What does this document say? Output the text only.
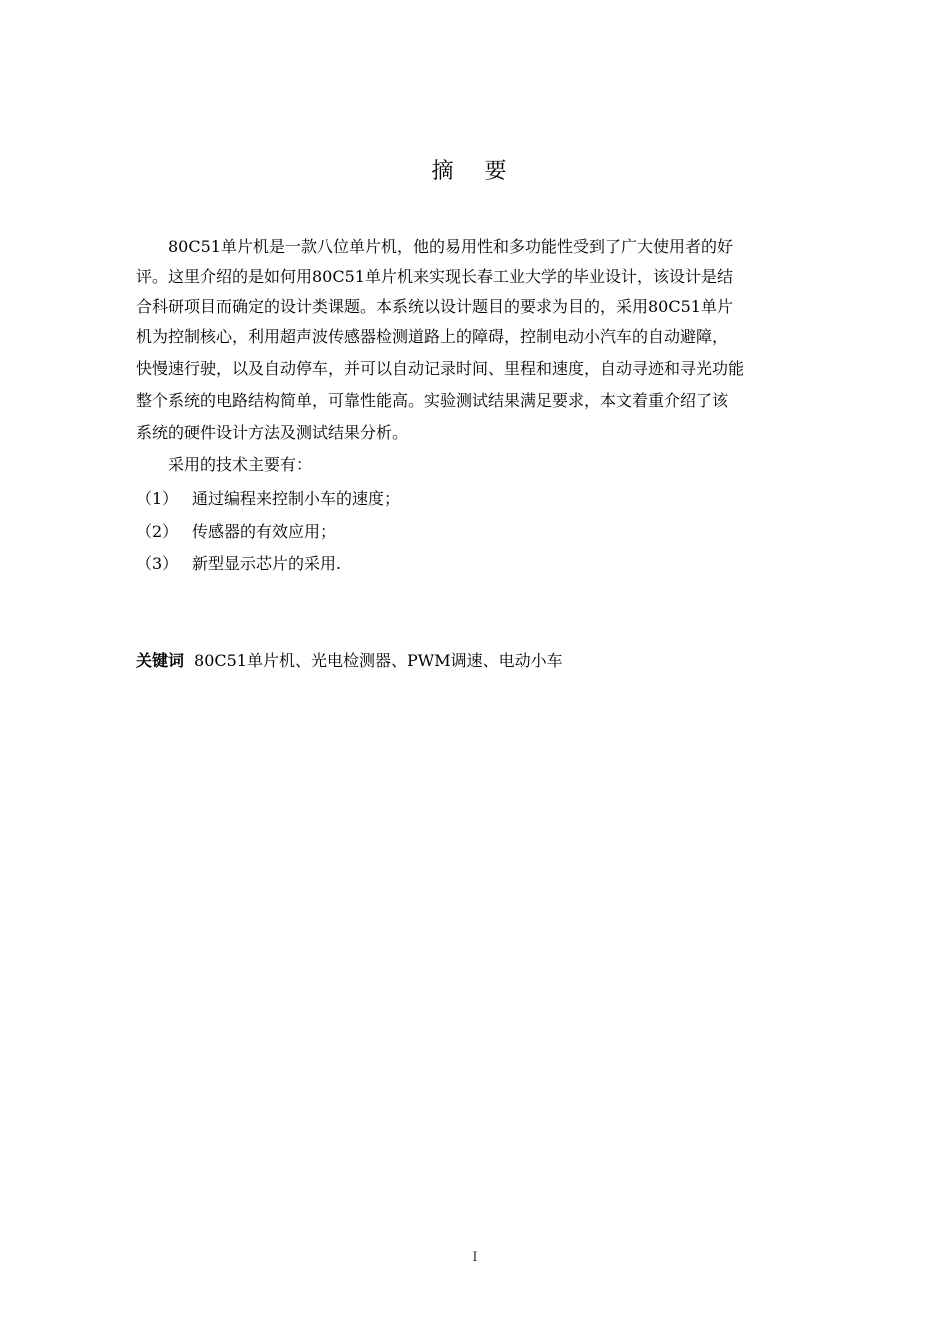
摘 要
　　80C51单片机是一款八位单片机，他的易用性和多功能性受到了广大使用者的好
评。这里介绍的是如何用80C51单片机来实现长春工业大学的毕业设计，该设计是结
合科研项目而确定的设计类课题。本系统以设计题目的要求为目的，采用80C51单片
机为控制核心，利用超声波传感器检测道路上的障碍，控制电动小汽车的自动避障，
快慢速行驶，以及自动停车，并可以自动记录时间、里程和速度，自动寻迹和寻光功能
整个系统的电路结构简单，可靠性能高。实验测试结果满足要求，本文着重介绍了该
系统的硬件设计方法及测试结果分析。
　　采用的技术主要有：
（1） 通过编程来控制小车的速度；
（2） 传感器的有效应用；
（3） 新型显示芯片的采用.
关键词 80C51单片机、光电检测器、PWM调速、电动小车
I
